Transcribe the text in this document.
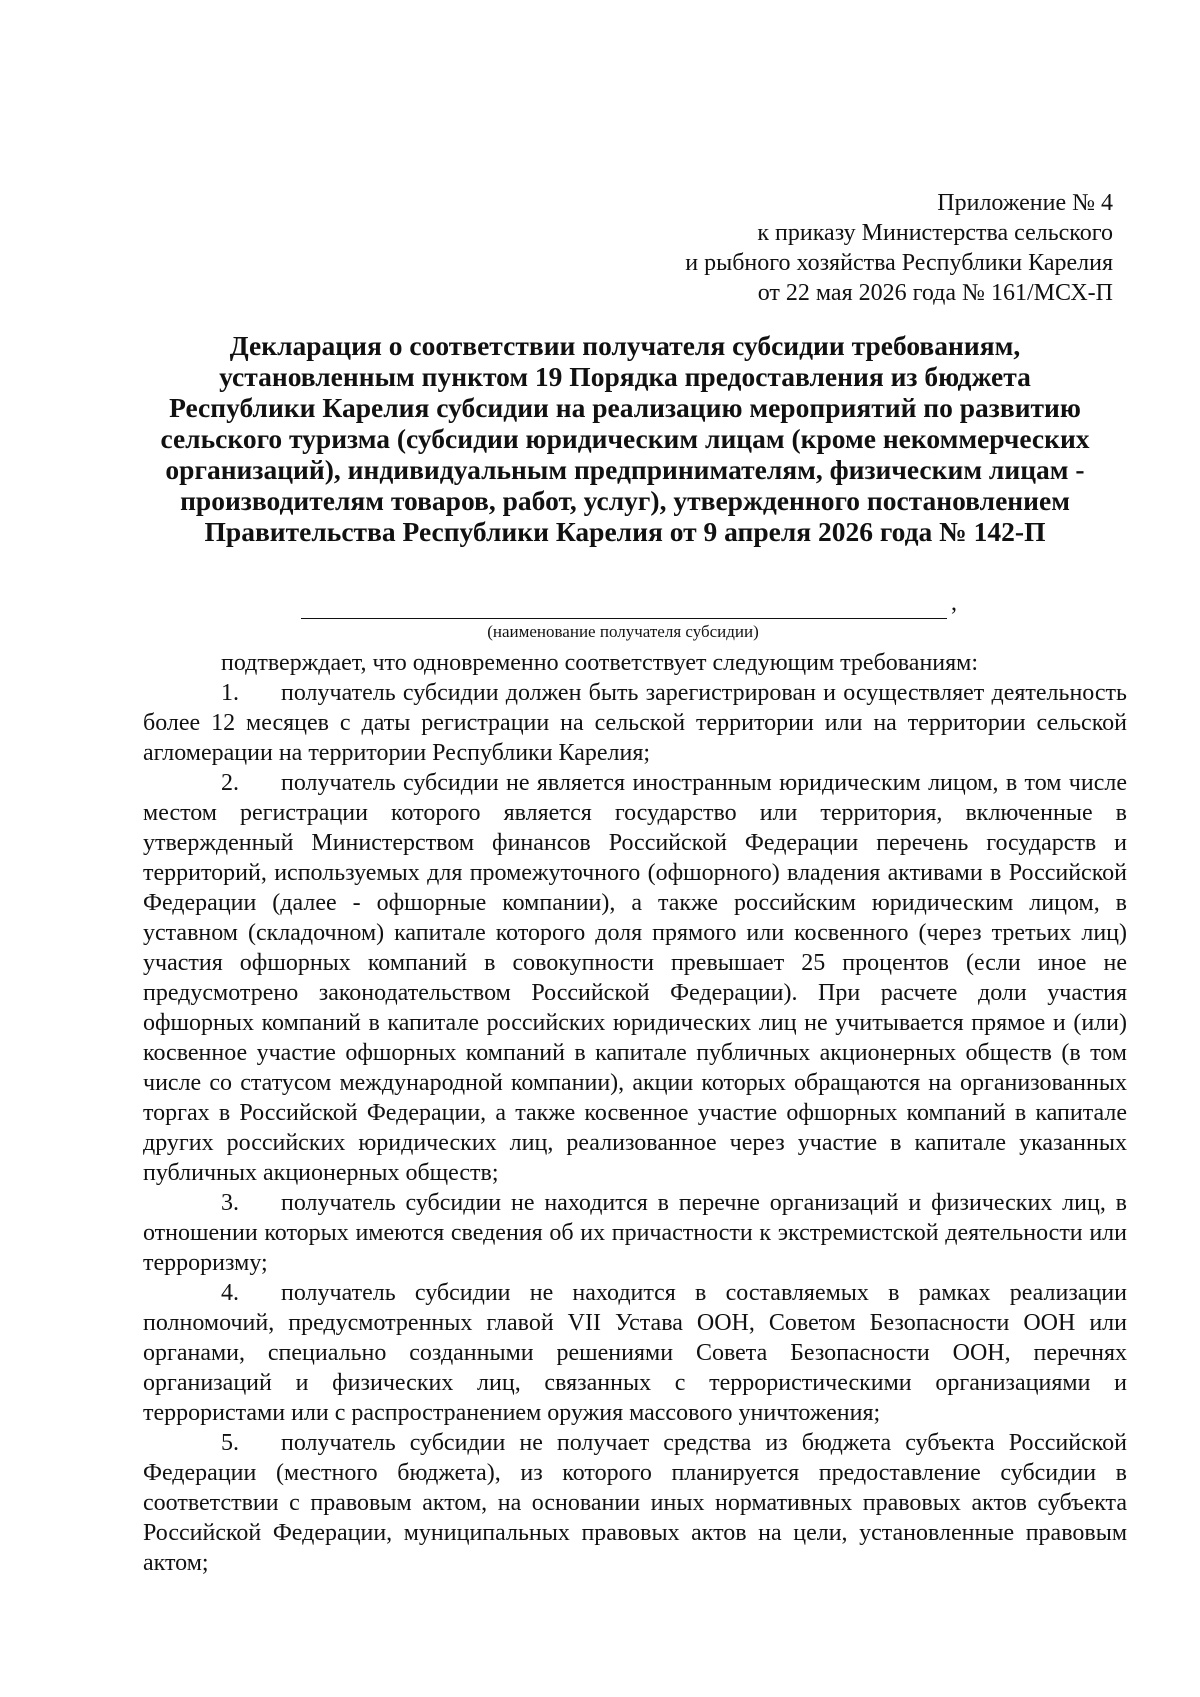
Приложение № 4
к приказу Министерства сельского
и рыбного хозяйства Республики Карелия
от 22 мая 2026 года № 161/МСХ-П
Декларация о соответствии получателя субсидии требованиям,
установленным пунктом 19 Порядка предоставления из бюджета
Республики Карелия субсидии на реализацию мероприятий по развитию
сельского туризма (субсидии юридическим лицам (кроме некоммерческих
организаций), индивидуальным предпринимателям, физическим лицам -
производителям товаров, работ, услуг), утвержденного постановлением
Правительства Республики Карелия от 9 апреля 2026 года № 142-П
,
(наименование получателя субсидии)

подтверждает, что одновременно соответствует следующим требованиям:

1. получатель субсидии должен быть зарегистрирован и осуществляет деятельность более 12 месяцев с даты регистрации на сельской территории или на территории сельской агломерации на территории Республики Карелия;

2. получатель субсидии не является иностранным юридическим лицом, в том числе местом регистрации которого является государство или территория, включенные в утвержденный Министерством финансов Российской Федерации перечень государств и территорий, используемых для промежуточного (офшорного) владения активами в Российской Федерации (далее - офшорные компании), а также российским юридическим лицом, в уставном (складочном) капитале которого доля прямого или косвенного (через третьих лиц) участия офшорных компаний в совокупности превышает 25 процентов (если иное не предусмотрено законодательством Российской Федерации). При расчете доли участия офшорных компаний в капитале российских юридических лиц не учитывается прямое и (или) косвенное участие офшорных компаний в капитале публичных акционерных обществ (в том числе со статусом международной компании), акции которых обращаются на организованных торгах в Российской Федерации, а также косвенное участие офшорных компаний в капитале других российских юридических лиц, реализованное через участие в капитале указанных публичных акционерных обществ;

3. получатель субсидии не находится в перечне организаций и физических лиц, в отношении которых имеются сведения об их причастности к экстремистской деятельности или терроризму;

4. получатель субсидии не находится в составляемых в рамках реализации полномочий, предусмотренных главой VII Устава ООН, Советом Безопасности ООН или органами, специально созданными решениями Совета Безопасности ООН, перечнях организаций и физических лиц, связанных с террористическими организациями и террористами или с распространением оружия массового уничтожения;

5. получатель субсидии не получает средства из бюджета субъекта Российской Федерации (местного бюджета), из которого планируется предоставление субсидии в соответствии с правовым актом, на основании иных нормативных правовых актов субъекта Российской Федерации, муниципальных правовых актов на цели, установленные правовым актом;
